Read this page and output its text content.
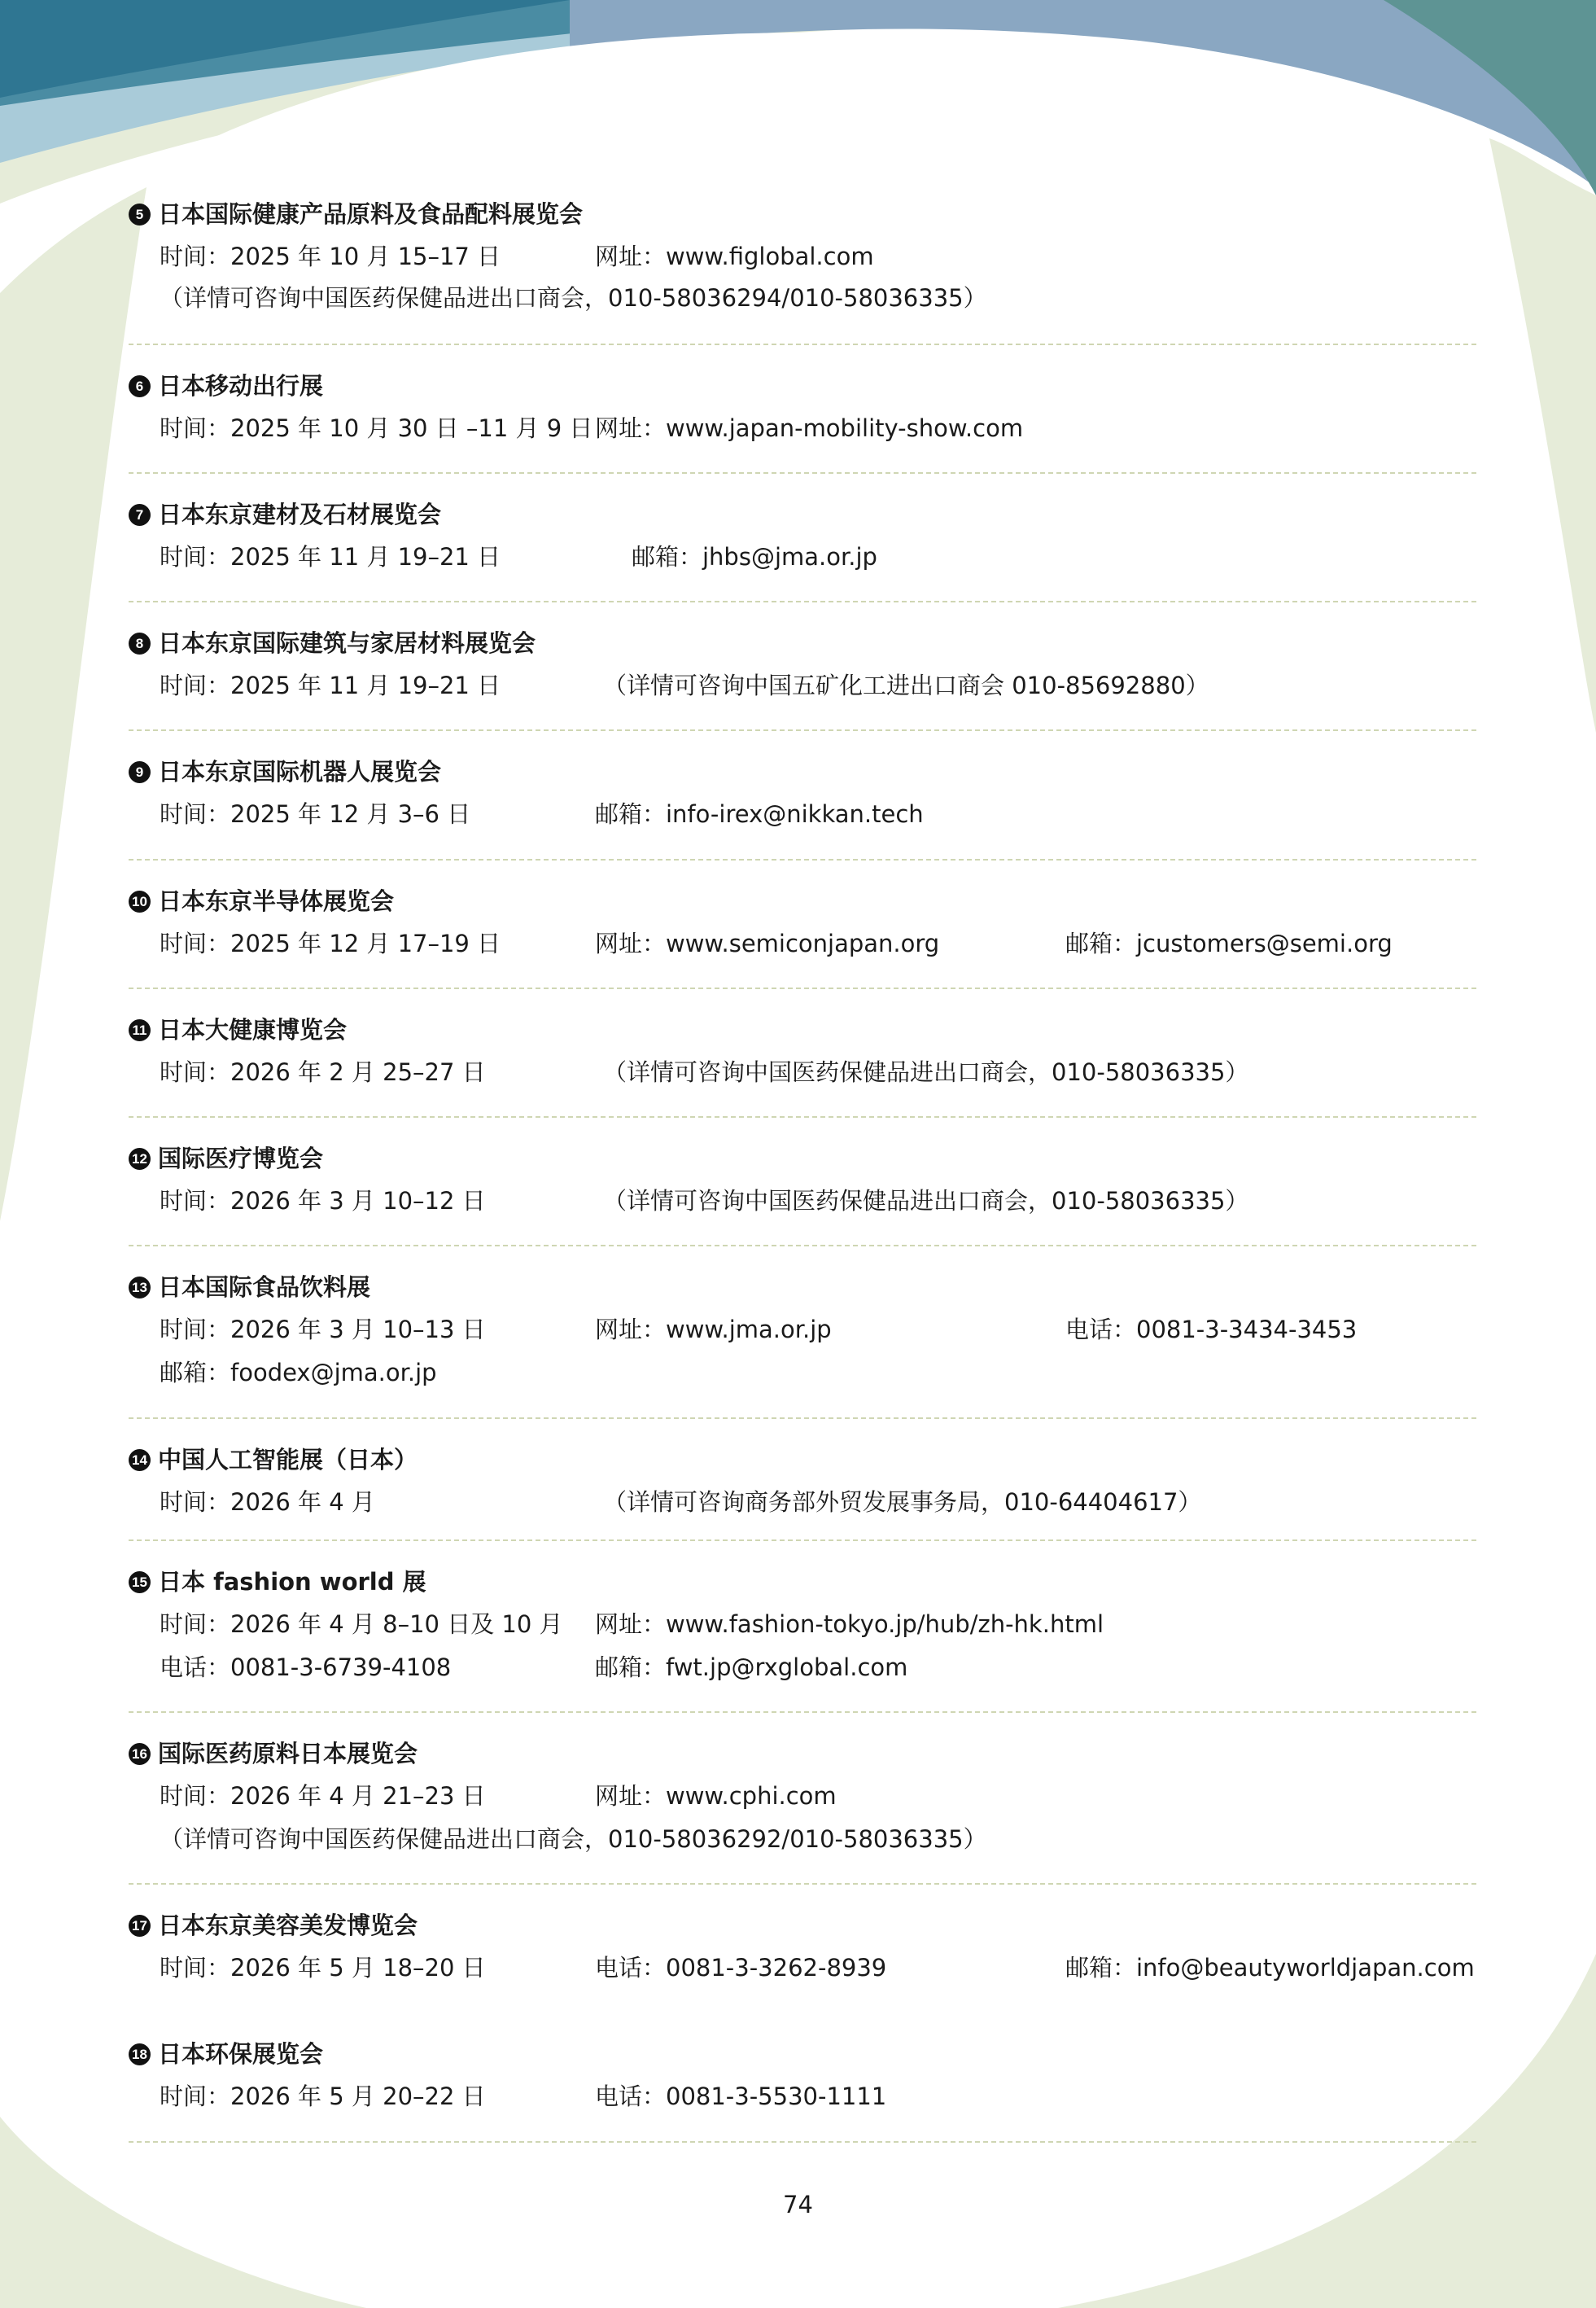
5 日本国际健康产品原料及食品配料展览会
时间：2025 年 10 月 15–17 日	网址：www.figlobal.com
（详情可咨询中国医药保健品进出口商会，010-58036294/010-58036335）
6 日本移动出行展
时间：2025 年 10 月 30 日 –11 月 9 日 网址：www.japan-mobility-show.com
7 日本东京建材及石材展览会
时间：2025 年 11 月 19–21 日	邮箱：jhbs@jma.or.jp
8 日本东京国际建筑与家居材料展览会
时间：2025 年 11 月 19–21 日	（详情可咨询中国五矿化工进出口商会 010-85692880）
9 日本东京国际机器人展览会
时间：2025 年 12 月 3–6 日	邮箱：info-irex@nikkan.tech
10 日本东京半导体展览会
时间：2025 年 12 月 17–19 日	网址：www.semiconjapan.org	邮箱：jcustomers@semi.org
11 日本大健康博览会
时间：2026 年 2 月 25–27 日	（详情可咨询中国医药保健品进出口商会，010-58036335）
12 国际医疗博览会
时间：2026 年 3 月 10–12 日	（详情可咨询中国医药保健品进出口商会，010-58036335）
13 日本国际食品饮料展
时间：2026 年 3 月 10–13 日	网址：www.jma.or.jp	电话：0081-3-3434-3453
邮箱：foodex@jma.or.jp
14 中国人工智能展（日本）
时间：2026 年 4 月	（详情可咨询商务部外贸发展事务局，010-64404617）
15 日本 fashion world 展
时间：2026 年 4 月 8–10 日及 10 月 网址：www.fashion-tokyo.jp/hub/zh-hk.html
电话：0081-3-6739-4108	邮箱：fwt.jp@rxglobal.com
16 国际医药原料日本展览会
时间：2026 年 4 月 21–23 日	网址：www.cphi.com
（详情可咨询中国医药保健品进出口商会，010-58036292/010-58036335）
17 日本东京美容美发博览会
时间：2026 年 5 月 18–20 日	电话：0081-3-3262-8939	邮箱：info@beautyworldjapan.com
18 日本环保展览会
时间：2026 年 5 月 20–22 日	电话：0081-3-5530-1111
74
